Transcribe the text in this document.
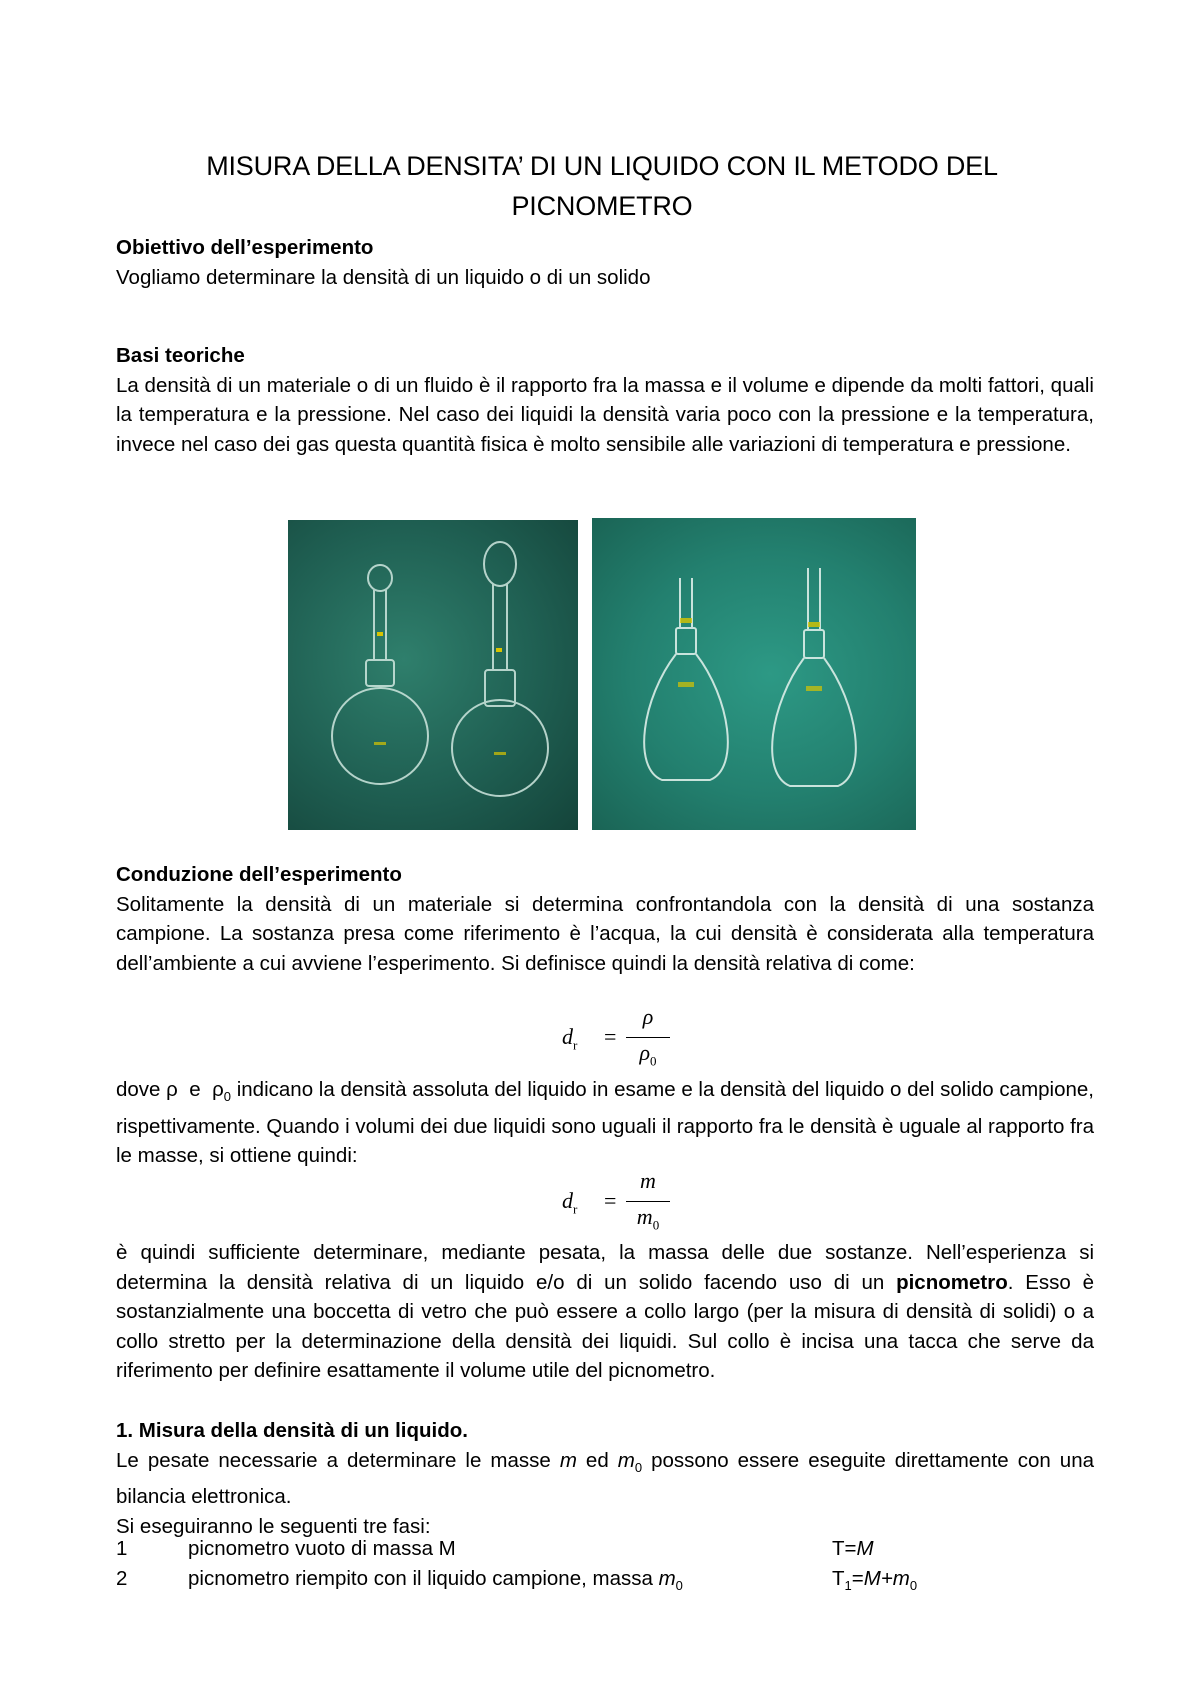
MISURA DELLA DENSITA’ DI UN LIQUIDO CON IL METODO DEL
PICNOMETRO
Obiettivo dell’esperimento
Vogliamo determinare la densità di un liquido o di un solido
Basi teoriche
La densità di un materiale o di un fluido è il rapporto fra la massa e il volume e dipende da molti fattori, quali la temperatura e la pressione. Nel caso dei liquidi la densità varia poco con la pressione e la temperatura, invece nel caso dei gas questa quantità fisica è molto sensibile alle variazioni di temperatura e pressione.
Conduzione dell’esperimento
Solitamente la densità di un materiale si determina confrontandola con la densità di una sostanza campione. La sostanza presa come riferimento è l’acqua, la cui densità è considerata alla temperatura dell’ambiente a cui avviene l’esperimento. Si definisce quindi la densità relativa di come:
$d_r$ =
ρ
$\rho_0$
dove ρ  e  $\rho_0$ indicano la densità assoluta del liquido in esame e la densità del liquido o del solido campione, rispettivamente. Quando i volumi dei due liquidi sono uguali il rapporto fra le densità è uguale al rapporto fra le masse, si ottiene quindi:
$d_r$ =
m
$m_0$
è quindi sufficiente determinare, mediante pesata, la massa delle due sostanze. Nell’esperienza si determina la densità relativa di un liquido e/o di un solido facendo uso di un picnometro. Esso è sostanzialmente una boccetta di vetro che può essere a collo largo (per la misura di densità di solidi) o a collo stretto per la determinazione della densità dei liquidi. Sul collo è incisa una tacca che serve da riferimento per definire esattamente il volume utile del picnometro.
1. Misura della densità di un liquido.
Le pesate necessarie a determinare le masse m ed $m_0$ possono essere eseguite direttamente con una bilancia elettronica.
Si eseguiranno le seguenti tre fasi:
1	picnometro vuoto di massa M	T=M
2	picnometro riempito con il liquido campione, massa $m_0$	$T_1=M+m_0$
